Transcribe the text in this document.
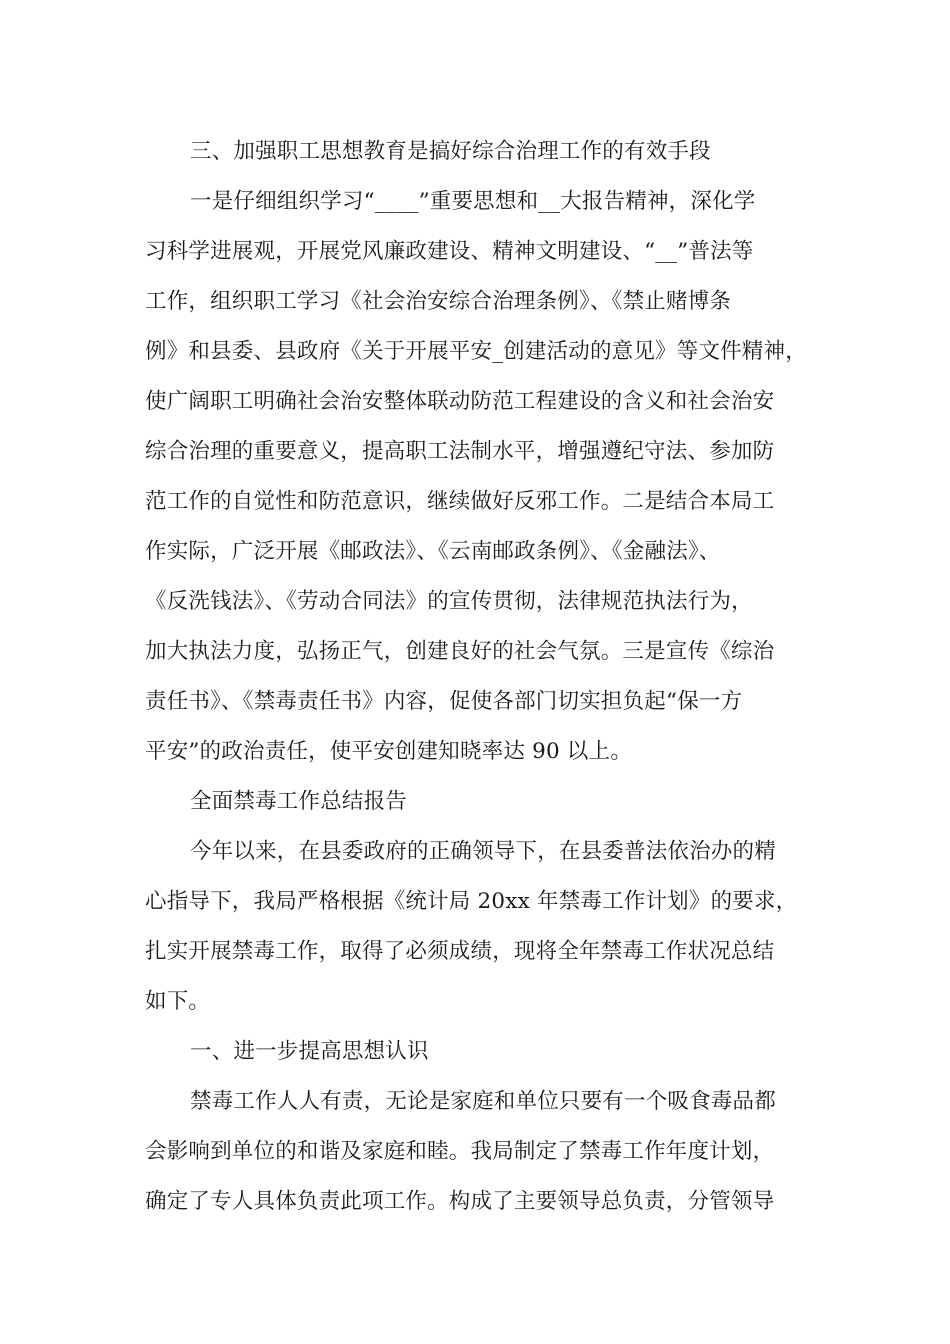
三、加强职工思想教育是搞好综合治理工作的有效手段
一是仔细组织学习“____”重要思想和__大报告精神，深化学
习科学进展观，开展党风廉政建设、精神文明建设、“__”普法等
工作，组织职工学习《社会治安综合治理条例》、《禁止赌博条
例》和县委、县政府《关于开展平安_创建活动的意见》等文件精神，
使广阔职工明确社会治安整体联动防范工程建设的含义和社会治安
综合治理的重要意义，提高职工法制水平，增强遵纪守法、参加防
范工作的自觉性和防范意识，继续做好反邪工作。二是结合本局工
作实际，广泛开展《邮政法》、《云南邮政条例》、《金融法》、
《反洗钱法》、《劳动合同法》的宣传贯彻，法律规范执法行为，
加大执法力度，弘扬正气，创建良好的社会气氛。三是宣传《综治
责任书》、《禁毒责任书》内容，促使各部门切实担负起“保一方
平安”的政治责任，使平安创建知晓率达 90 以上。
全面禁毒工作总结报告
今年以来，在县委政府的正确领导下，在县委普法依治办的精
心指导下，我局严格根据《统计局 20xx 年禁毒工作计划》的要求，
扎实开展禁毒工作，取得了必须成绩，现将全年禁毒工作状况总结
如下。
一、进一步提高思想认识
禁毒工作人人有责，无论是家庭和单位只要有一个吸食毒品都
会影响到单位的和谐及家庭和睦。我局制定了禁毒工作年度计划，
确定了专人具体负责此项工作。构成了主要领导总负责，分管领导
